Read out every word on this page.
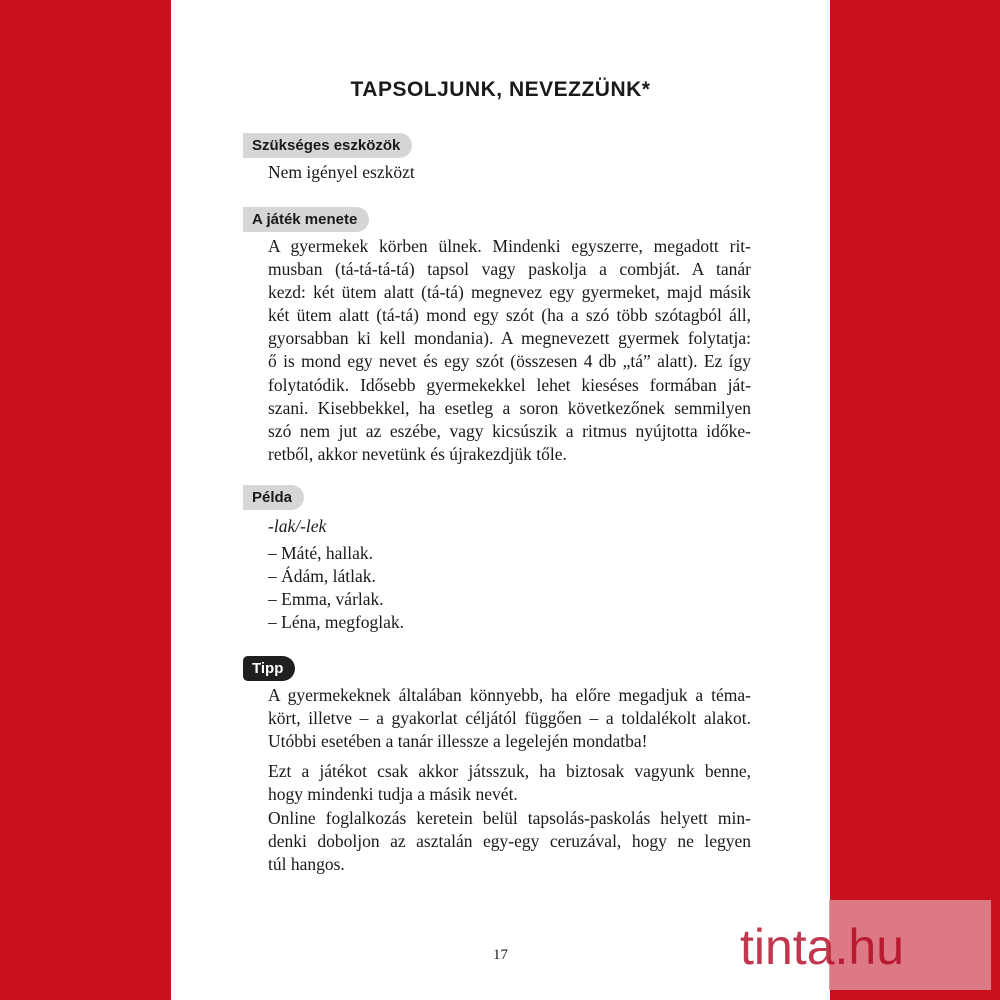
TAPSOLJUNK, NEVEZZÜNK*
Szükséges eszközök
Nem igényel eszközt
A játék menete
A gyermekek körben ülnek. Mindenki egyszerre, megadott rit-
musban (tá-tá-tá-tá) tapsol vagy paskolja a combját. A tanár
kezd: két ütem alatt (tá-tá) megnevez egy gyermeket, majd másik
két ütem alatt (tá-tá) mond egy szót (ha a szó több szótagból áll,
gyorsabban ki kell mondania). A megnevezett gyermek folytatja:
ő is mond egy nevet és egy szót (összesen 4 db „tá” alatt). Ez így
folytatódik. Idősebb gyermekekkel lehet kieséses formában ját-
szani. Kisebbekkel, ha esetleg a soron következőnek semmilyen
szó nem jut az eszébe, vagy kicsúszik a ritmus nyújtotta időke-
retből, akkor nevetünk és újrakezdjük tőle.
Példa
-lak/-lek
– Máté, hallak.
– Ádám, látlak.
– Emma, várlak.
– Léna, megfoglak.
Tipp
A gyermekeknek általában könnyebb, ha előre megadjuk a téma-
kört, illetve – a gyakorlat céljától függően – a toldalékolt alakot.
Utóbbi esetében a tanár illessze a legelején mondatba!
Ezt a játékot csak akkor játsszuk, ha biztosak vagyunk benne,
hogy mindenki tudja a másik nevét.
Online foglalkozás keretein belül tapsolás-paskolás helyett min-
denki doboljon az asztalán egy-egy ceruzával, hogy ne legyen
túl hangos.
17	tinta.hu
